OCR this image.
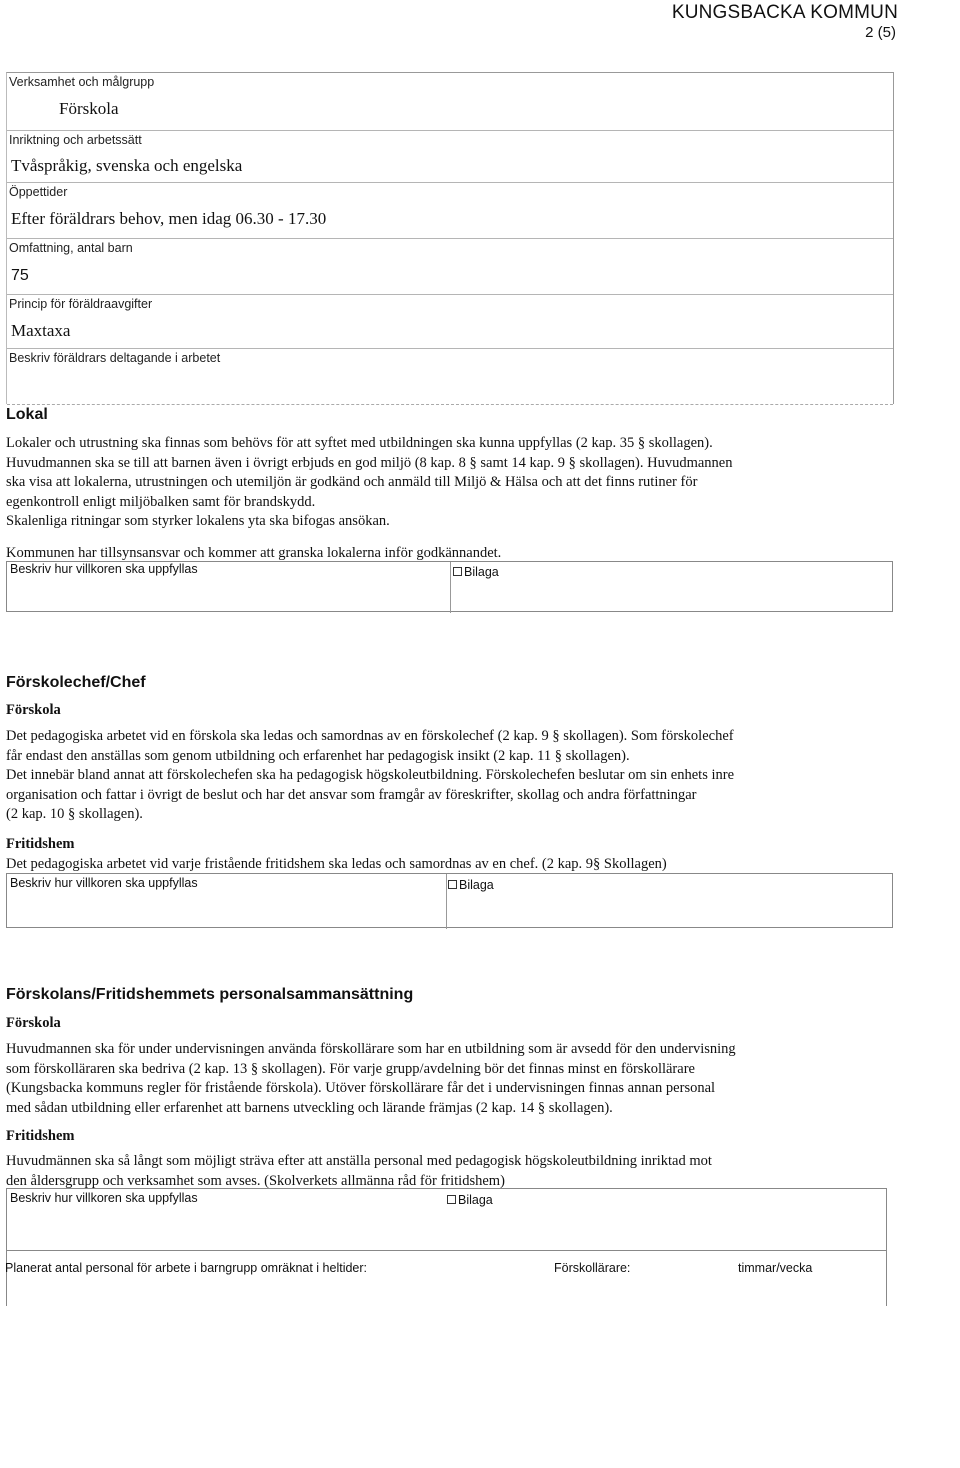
KUNGSBACKA KOMMUN
2 (5)
Verksamhet och målgrupp
Förskola
Inriktning och arbetssätt
Tvåspråkig, svenska och engelska
Öppettider
Efter föräldrars behov, men idag 06.30 - 17.30
Omfattning, antal barn
75
Princip för föräldraavgifter
Maxtaxa
Beskriv föräldrars deltagande i arbetet
Lokal

Lokaler och utrustning ska finnas som behövs för att syftet med utbildningen ska kunna uppfyllas (2 kap. 35 § skollagen).
Huvudmannen ska se till att barnen även i övrigt erbjuds en god miljö (8 kap. 8 § samt 14 kap. 9 § skollagen). Huvudmannen
ska visa att lokalerna, utrustningen och utemiljön är godkänd och anmäld till Miljö & Hälsa och att det finns rutiner för
egenkontroll enligt miljöbalken samt för brandskydd.
Skalenliga ritningar som styrker lokalens yta ska bifogas ansökan.

Kommunen har tillsynsansvar och kommer att granska lokalerna inför godkännandet.
Beskriv hur villkoren ska uppfyllas	Bilaga
Förskolechef/Chef
Förskola

Det pedagogiska arbetet vid en förskola ska ledas och samordnas av en förskolechef (2 kap. 9 § skollagen). Som förskolechef
får endast den anställas som genom utbildning och erfarenhet har pedagogisk insikt (2 kap. 11 § skollagen).
Det innebär bland annat att förskolechefen ska ha pedagogisk högskoleutbildning. Förskolechefen beslutar om sin enhets inre
organisation och fattar i övrigt de beslut och har det ansvar som framgår av föreskrifter, skollag och andra författningar
(2 kap. 10 § skollagen).

Fritidshem
Det pedagogiska arbetet vid varje fristående fritidshem ska ledas och samordnas av en chef. (2 kap. 9§ Skollagen)
Beskriv hur villkoren ska uppfyllas	Bilaga
Förskolans/Fritidshemmets personalsammansättning
Förskola

Huvudmannen ska för under undervisningen använda förskollärare som har en utbildning som är avsedd för den undervisning
som förskolläraren ska bedriva (2 kap. 13 § skollagen). För varje grupp/avdelning bör det finnas minst en förskollärare
(Kungsbacka kommuns regler för fristående förskola). Utöver förskollärare får det i undervisningen finnas annan personal
med sådan utbildning eller erfarenhet att barnens utveckling och lärande främjas (2 kap. 14 § skollagen).

Fritidshem

Huvudmännen ska så långt som möjligt sträva efter att anställa personal med pedagogisk högskoleutbildning inriktad mot
den åldersgrupp och verksamhet som avses. (Skolverkets allmänna råd för fritidshem)

Beskriv hur villkoren ska uppfyllas	Bilaga
Planerat antal personal för arbete i barngrupp omräknat i heltider:	Förskollärare:	timmar/vecka
